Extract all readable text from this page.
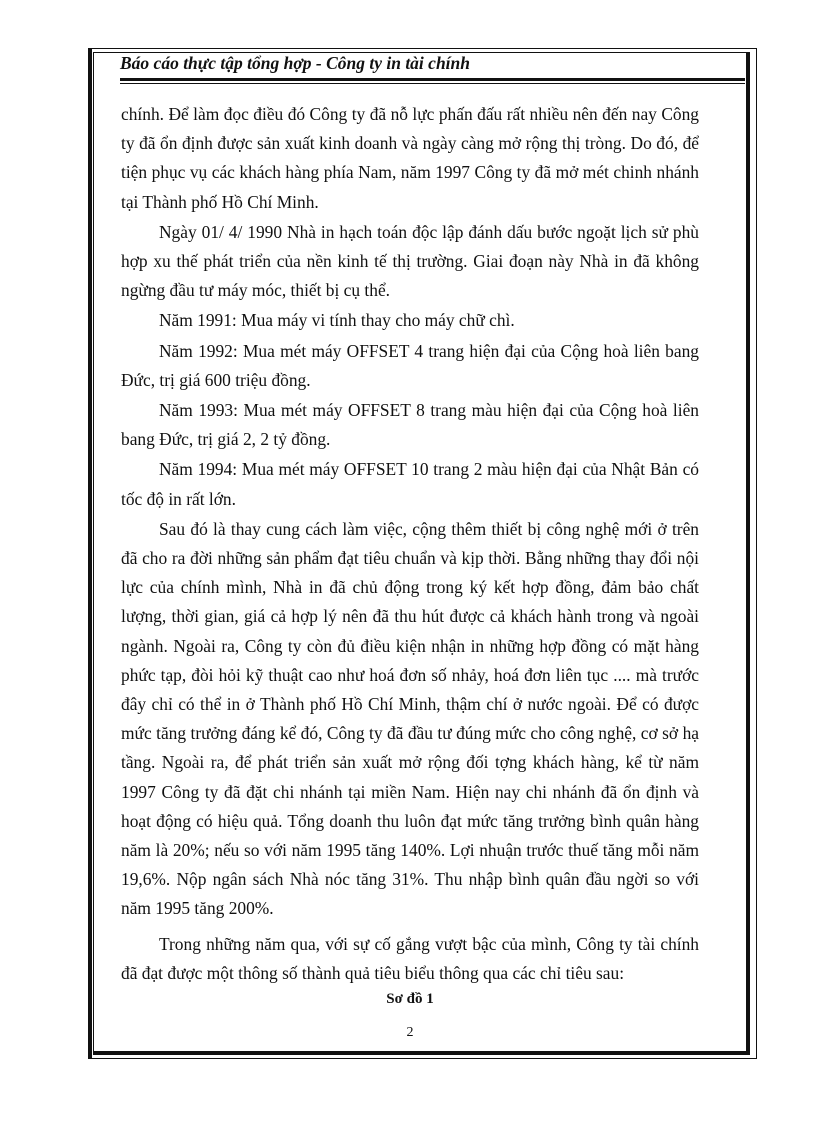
Báo cáo thực tập tổng hợp - Công ty in tài chính

chính. Để làm đọc điều đó Công ty đã nỗ lực phấn đấu rất nhiều nên đến nay Công ty đã ổn định được sản xuất kinh doanh và ngày càng mở rộng thị tròng. Do đó, để tiện phục vụ các khách hàng phía Nam, năm 1997 Công ty đã mở mét chinh nhánh tại Thành phố Hồ Chí Minh.

Ngày 01/ 4/ 1990 Nhà in hạch toán độc lập đánh dấu bước ngoặt lịch sử phù hợp xu thế phát triển của nền kinh tế thị trường. Giai đoạn này Nhà in đã không ngừng đầu tư máy móc, thiết bị cụ thể.

Năm 1991: Mua máy vi tính thay cho máy chữ chì.

Năm 1992: Mua mét máy OFFSET 4 trang hiện đại của Cộng hoà liên bang Đức, trị giá 600 triệu đồng.

Năm 1993: Mua mét máy OFFSET 8 trang màu hiện đại của Cộng hoà liên bang Đức, trị giá 2, 2 tỷ đồng.

Năm 1994: Mua mét máy OFFSET 10 trang 2 màu hiện đại của Nhật Bản có tốc độ in rất lớn.

Sau đó là thay cung cách làm việc, cộng thêm thiết bị công nghệ mới ở trên đã cho ra đời những sản phẩm đạt tiêu chuẩn và kịp thời. Bằng những thay đổi nội lực của chính mình, Nhà in đã chủ động trong ký kết hợp đồng, đảm bảo chất lượng, thời gian, giá cả hợp lý nên đã thu hút được cả khách hành trong và ngoài ngành. Ngoài ra, Công ty còn đủ điều kiện nhận in những hợp đồng có mặt hàng phức tạp, đòi hỏi kỹ thuật cao như hoá đơn số nhảy, hoá đơn liên tục .... mà trước đây chỉ có thể in ở Thành phố Hồ Chí Minh, thậm chí ở nước ngoài. Để có được mức tăng trưởng đáng kể đó, Công ty đã đầu tư đúng mức cho công nghệ, cơ sở hạ tầng. Ngoài ra, để phát triển sản xuất mở rộng đối tợng khách hàng, kể từ năm 1997 Công ty đã đặt chi nhánh tại miền Nam. Hiện nay chi nhánh đã ổn định và hoạt động có hiệu quả. Tổng doanh thu luôn đạt mức tăng trưởng bình quân hàng năm là 20%; nếu so với năm 1995 tăng 140%. Lợi nhuận trước thuế tăng mỗi năm 19,6%. Nộp ngân sách Nhà nóc tăng 31%. Thu nhập bình quân đầu ngời so với năm 1995 tăng 200%.

Trong những năm qua, với sự cố gắng vượt bậc của mình, Công ty tài chính đã đạt được một thông số thành quả tiêu biểu thông qua các chỉ tiêu sau:

Sơ đồ 1
2
